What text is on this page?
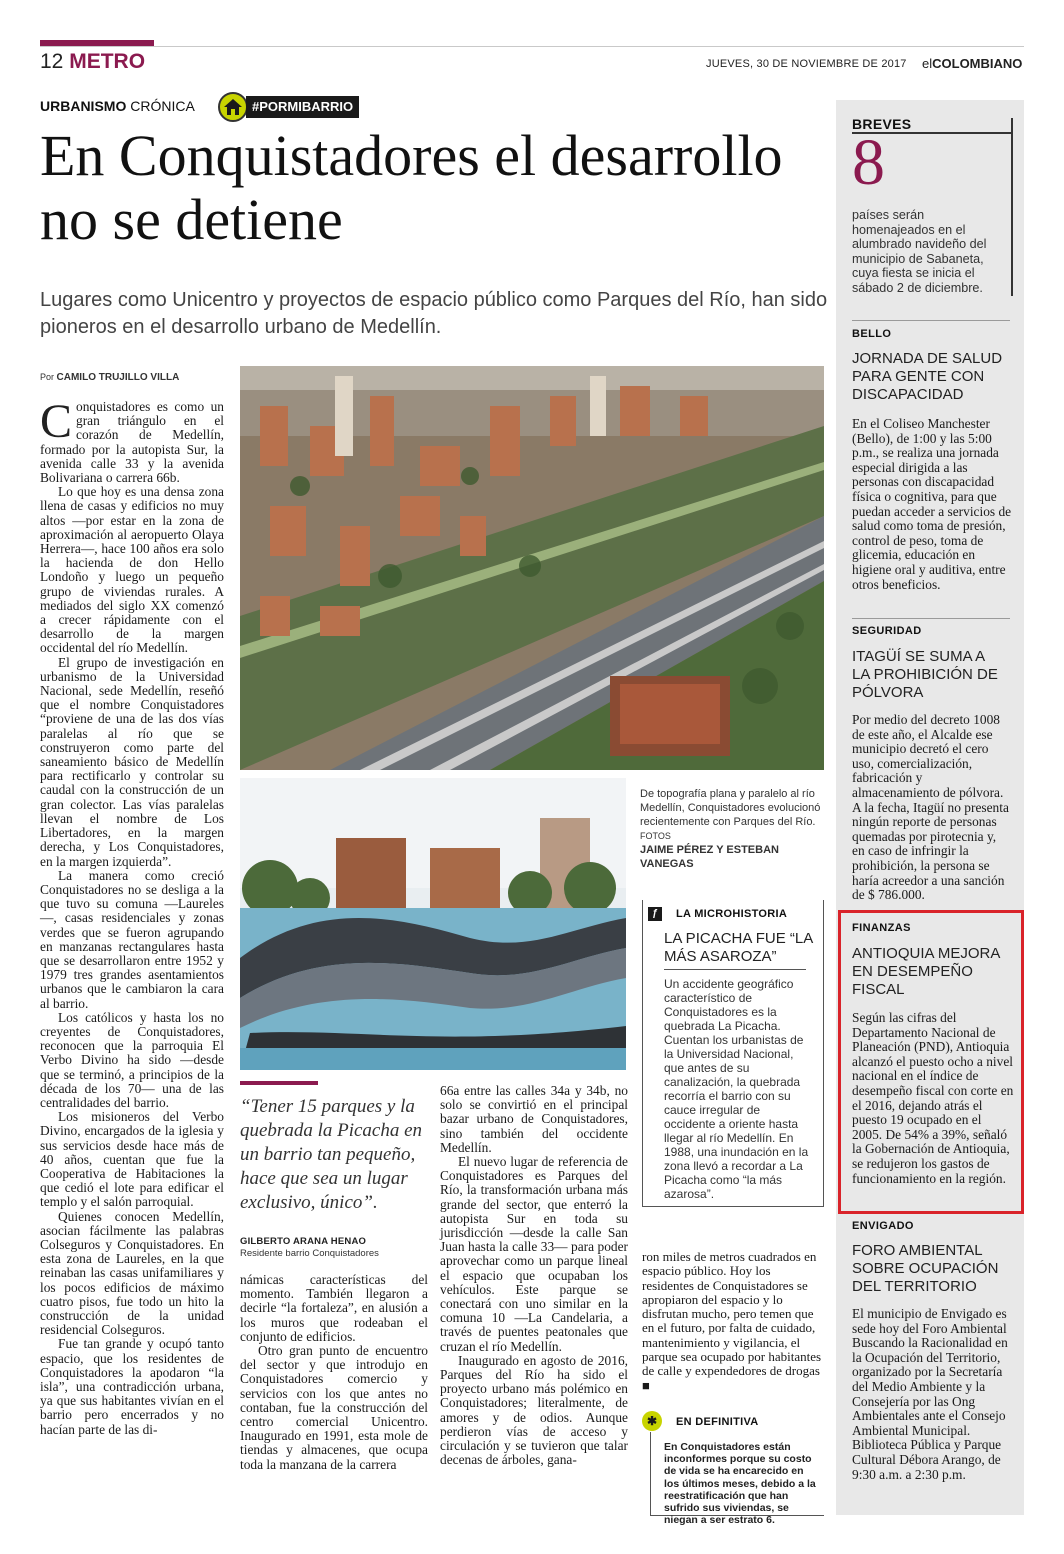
12 METRO	JUEVES, 30 DE NOVIEMBRE DE 2017 elCOLOMBIANO
URBANISMO CRÓNICA	#PORMIBARRIO
En Conquistadores el desarrollo no se detiene
Lugares como Unicentro y proyectos de espacio público como Parques del Río, han sido pioneros en el desarrollo urbano de Medellín.
Por CAMILO TRUJILLO VILLA

Conquistadores es como un gran triángulo en el corazón de Medellín, formado por la autopista Sur, la avenida calle 33 y la avenida Bolivariana o carrera 66b.

Lo que hoy es una densa zona llena de casas y edificios no muy altos —por estar en la zona de aproximación al aeropuerto Olaya Herrera—, hace 100 años era solo la hacienda de don Hello Londoño y luego un pequeño grupo de viviendas rurales. A mediados del siglo XX comenzó a crecer rápidamente con el desarrollo de la margen occidental del río Medellín.

El grupo de investigación en urbanismo de la Universidad Nacional, sede Medellín, reseñó que el nombre Conquistadores “proviene de una de las dos vías paralelas al río que se construyeron como parte del saneamiento básico de Medellín para rectificarlo y controlar su caudal con la construcción de un gran colector. Las vías paralelas llevan el nombre de Los Libertadores, en la margen derecha, y Los Conquistadores, en la margen izquierda”.

La manera como creció Conquistadores no se desliga a la que tuvo su comuna —Laureles—, casas residenciales y zonas verdes que se fueron agrupando en manzanas rectangulares hasta que se desarrollaron entre 1952 y 1979 tres grandes asentamientos urbanos que le cambiaron la cara al barrio.

Los católicos y hasta los no creyentes de Conquistadores, reconocen que la parroquia El Verbo Divino ha sido —desde que se terminó, a principios de la década de los 70— una de las centralidades del barrio.

Los misioneros del Verbo Divino, encargados de la iglesia y sus servicios desde hace más de 40 años, cuentan que fue la Cooperativa de Habitaciones la que cedió el lote para edificar el templo y el salón parroquial.

Quienes conocen Medellín, asocian fácilmente las palabras Colseguros y Conquistadores. En esta zona de Laureles, en la que reinaban las casas unifamiliares y los pocos edificios de máximo cuatro pisos, fue todo un hito la construcción de la unidad residencial Colseguros.

Fue tan grande y ocupó tanto espacio, que los residentes de Conquistadores la apodaron “la isla”, una contradicción urbana, ya que sus habitantes vivían en el barrio pero encerrados y no hacían parte de las di-

De topografía plana y paralelo al río Medellín, Conquistadores evolucionó recientemente con Parques del Río. FOTOS
JAIME PÉREZ Y ESTEBAN VANEGAS
ƒ	LA MICROHISTORIA
LA PICACHA FUE “LA MÁS ASAROZA”
Un accidente geográfico característico de Conquistadores es la quebrada La Picacha. Cuentan los urbanistas de la Universidad Nacional, que antes de su canalización, la quebrada recorría el barrio con su cauce irregular de occidente a oriente hasta llegar al río Medellín. En 1988, una inundación en la zona llevó a recordar a La Picacha como “la más azarosa”.
“Tener 15 parques y la quebrada la Picacha en un barrio tan pequeño, hace que sea un lugar exclusivo, único”.
GILBERTO ARANA HENAO
Residente barrio Conquistadores

námicas características del momento. También llegaron a decirle “la fortaleza”, en alusión a los muros que rodeaban el conjunto de edificios.

Otro gran punto de encuentro del sector y que introdujo en Conquistadores comercio y servicios con los que antes no contaban, fue la construcción del centro comercial Unicentro. Inaugurado en 1991, esta mole de tiendas y almacenes, que ocupa toda la manzana de la carrera

66a entre las calles 34a y 34b, no solo se convirtió en el principal bazar urbano de Conquistadores, sino también del occidente Medellín.

El nuevo lugar de referencia de Conquistadores es Parques del Río, la transformación urbana más grande del sector, que enterró la autopista Sur en toda su jurisdicción —desde la calle San Juan hasta la calle 33— para poder aprovechar como un parque lineal el espacio que ocupaban los vehículos. Este parque se conectará con uno similar en la comuna 10 —La Candelaria, a través de puentes peatonales que cruzan el río Medellín.

Inaugurado en agosto de 2016, Parques del Río ha sido el proyecto urbano más polémico en Conquistadores; literalmente, de amores y de odios. Aunque perdieron vías de acceso y circulación y se tuvieron que talar decenas de árboles, gana-

ron miles de metros cuadrados en espacio público. Hoy los residentes de Conquistadores se apropiaron del espacio y lo disfrutan mucho, pero temen que en el futuro, por falta de cuidado, mantenimiento y vigilancia, el parque sea ocupado por habitantes de calle y expendedores de drogas ■
✱	EN DEFINITIVA
En Conquistadores están inconformes porque su costo de vida se ha encarecido en los últimos meses, debido a la reestratificación que han sufrido sus viviendas, se niegan a ser estrato 6.
BREVES
8
países serán homenajeados en el alumbrado navideño del municipio de Sabaneta, cuya fiesta se inicia el sábado 2 de diciembre.
BELLO
JORNADA DE SALUD PARA GENTE CON DISCAPACIDAD
En el Coliseo Manchester (Bello), de 1:00 y las 5:00 p.m., se realiza una jornada especial dirigida a las personas con discapacidad física o cognitiva, para que puedan acceder a servicios de salud como toma de presión, control de peso, toma de glicemia, educación en higiene oral y auditiva, entre otros beneficios.
SEGURIDAD
ITAGÜÍ SE SUMA A LA PROHIBICIÓN DE PÓLVORA
Por medio del decreto 1008 de este año, el Alcalde ese municipio decretó el cero uso, comercialización, fabricación y almacenamiento de pólvora. A la fecha, Itagüí no presenta ningún reporte de personas quemadas por pirotecnia y, en caso de infringir la prohibición, la persona se haría acreedor a una sanción de $ 786.000.
FINANZAS
ANTIOQUIA MEJORA EN DESEMPEÑO FISCAL
Según las cifras del Departamento Nacional de Planeación (PND), Antioquia alcanzó el puesto ocho a nivel nacional en el índice de desempeño fiscal con corte en el 2016, dejando atrás el puesto 19 ocupado en el 2005. De 54% a 39%, señaló la Gobernación de Antioquia, se redujeron los gastos de funcionamiento en la región.
ENVIGADO
FORO AMBIENTAL SOBRE OCUPACIÓN DEL TERRITORIO
El municipio de Envigado es sede hoy del Foro Ambiental Buscando la Racionalidad en la Ocupación del Territorio, organizado por la Secretaría del Medio Ambiente y la Consejería por las Ong Ambientales ante el Consejo Ambiental Municipal. Biblioteca Pública y Parque Cultural Débora Arango, de 9:30 a.m. a 2:30 p.m.
